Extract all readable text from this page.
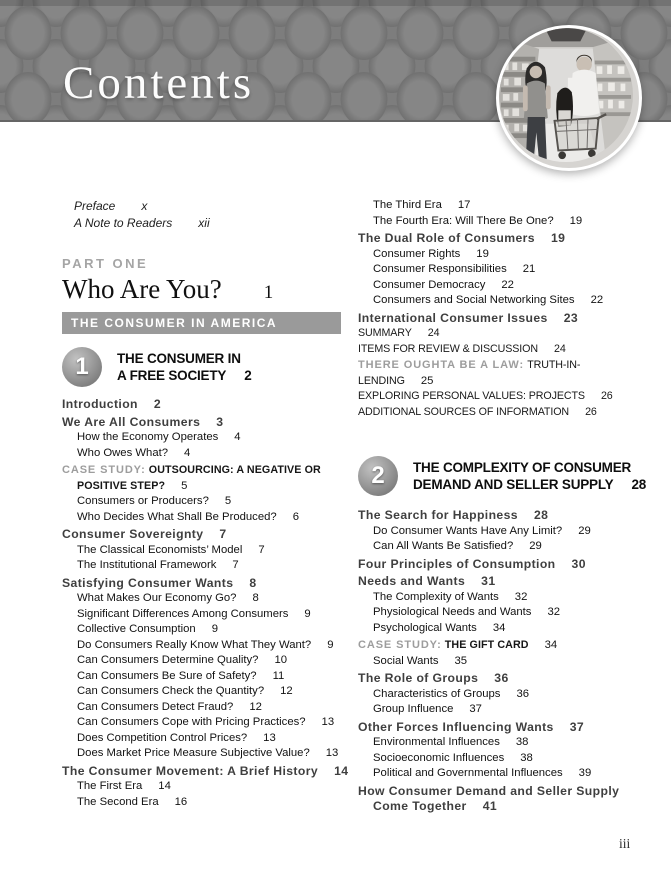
Contents
Preface x
A Note to Readers xii
PART ONE
Who Are You? 1
THE CONSUMER IN AMERICA
1	THE CONSUMER IN
A FREE SOCIETY 2
Introduction 2
We Are All Consumers 3
How the Economy Operates 4
Who Owes What? 4
CASE STUDY: OUTSOURCING: A NEGATIVE OR POSITIVE STEP? 5
Consumers or Producers? 5
Who Decides What Shall Be Produced? 6
Consumer Sovereignty 7
The Classical Economists’ Model 7
The Institutional Framework 7
Satisfying Consumer Wants 8
What Makes Our Economy Go? 8
Significant Differences Among Consumers 9
Collective Consumption 9
Do Consumers Really Know What They Want? 9
Can Consumers Determine Quality? 10
Can Consumers Be Sure of Safety? 11
Can Consumers Check the Quantity? 12
Can Consumers Detect Fraud? 12
Can Consumers Cope with Pricing Practices? 13
Does Competition Control Prices? 13
Does Market Price Measure Subjective Value? 13
The Consumer Movement: A Brief History 14
The First Era 14
The Second Era 16
The Third Era 17
The Fourth Era: Will There Be One? 19
The Dual Role of Consumers 19
Consumer Rights 19
Consumer Responsibilities 21
Consumer Democracy 22
Consumers and Social Networking Sites 22
International Consumer Issues 23
SUMMARY 24
ITEMS FOR REVIEW & DISCUSSION 24
THERE OUGHTA BE A LAW: TRUTH-IN-LENDING 25
EXPLORING PERSONAL VALUES: PROJECTS 26
ADDITIONAL SOURCES OF INFORMATION 26
2	THE COMPLEXITY OF CONSUMER
DEMAND AND SELLER SUPPLY 28
The Search for Happiness 28
Do Consumer Wants Have Any Limit? 29
Can All Wants Be Satisfied? 29
Four Principles of Consumption 30
Needs and Wants 31
The Complexity of Wants 32
Physiological Needs and Wants 32
Psychological Wants 34
CASE STUDY: THE GIFT CARD 34
Social Wants 35
The Role of Groups 36
Characteristics of Groups 36
Group Influence 37
Other Forces Influencing Wants 37
Environmental Influences 38
Socioeconomic Influences 38
Political and Governmental Influences 39
How Consumer Demand and Seller Supply Come Together 41
iii
